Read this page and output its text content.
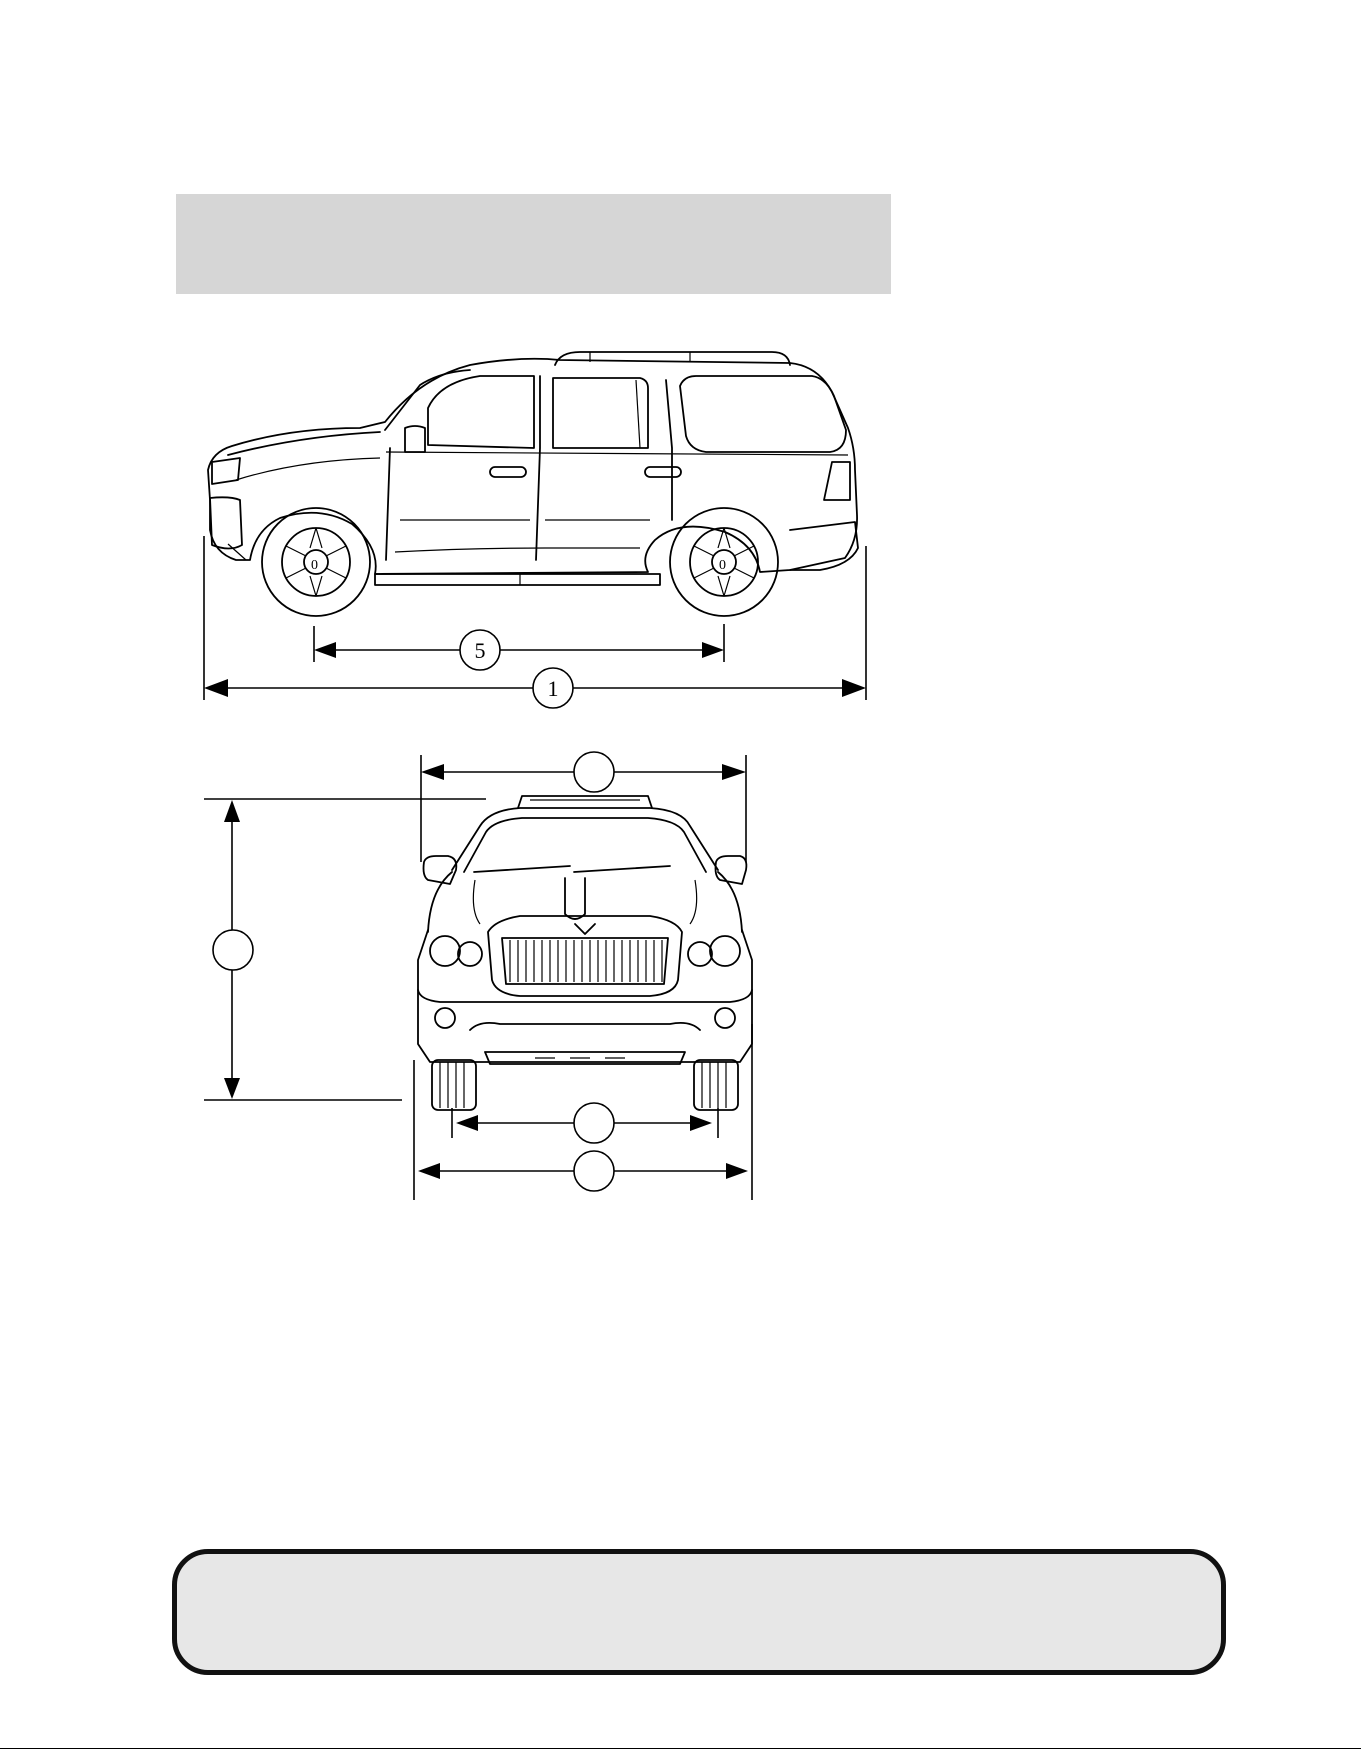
0	0
5
1
